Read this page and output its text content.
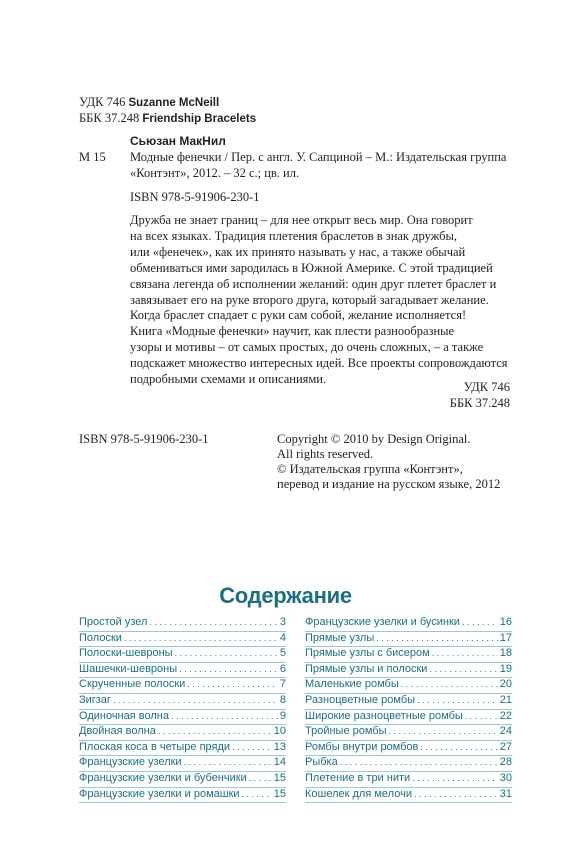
УДК 746 Suzanne McNeill
ББК 37.248 Friendship Bracelets
Сьюзан МакНил
М 15 Модные фенечки / Пер. с англ. У. Сапциной – М.: Издательская группа
«Контэнт», 2012. – 32 с.; цв. ил.
ISBN 978-5-91906-230-1
Дружба не знает границ – для нее открыт весь мир. Она говорит
на всех языках. Традиция плетения браслетов в знак дружбы,
или «фенечек», как их принято называть у нас, а также обычай
обмениваться ими зародилась в Южной Америке. С этой традицией
связана легенда об исполнении желаний: один друг плетет браслет и
завязывает его на руке второго друга, который загадывает желание.
Когда браслет спадает с руки сам собой, желание исполняется!
Книга «Модные фенечки» научит, как плести разнообразные
узоры и мотивы – от самых простых, до очень сложных, – а также
подскажет множество интересных идей. Все проекты сопровождаются
подробными схемами и описаниями.
УДК 746
ББК 37.248
ISBN 978-5-91906-230-1	Copyright © 2010 by Design Original.
All rights reserved.
© Издательская группа «Контэнт»,
перевод и издание на русском языке, 2012
Содержание
Простой узел . . .	3
Полоски . . .	4
Полоски-шевроны . . .	5
Шашечки-шевроны . . .	6
Скрученные полоски . . .	7
Зигзаг . . .	8
Одиночная волна . . .	9
Двойная волна . . .	10
Плоская коса в четыре пряди . . .	13
Французские узелки . . .	14
Французские узелки и бубенчики . . . 15
Французские узелки и ромашки . . .	15
Французские узелки и бусинки . . .	16
Прямые узлы . . .	17
Прямые узлы с бисером . . .	18
Прямые узлы и полоски . . .	19
Маленькие ромбы . . .	20
Разноцветные ромбы . . .	21
Широкие разноцветные ромбы . . .	22
Тройные ромбы . . .	24
Ромбы внутри ромбов . . .	27
Рыбка . . .	28
Плетение в три нити . . .	30
Кошелек для мелочи . . .	31
